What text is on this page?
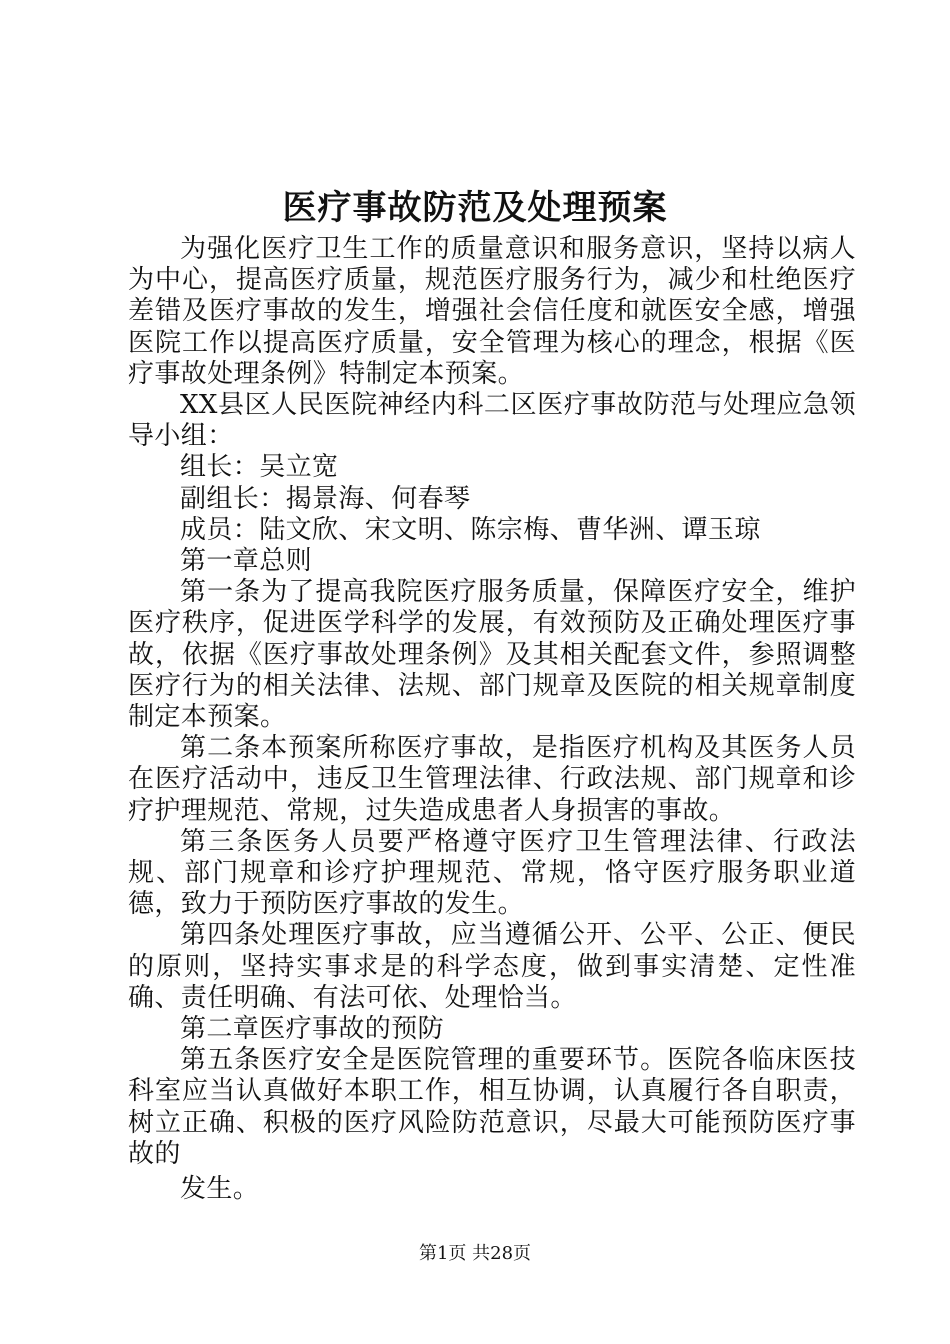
医疗事故防范及处理预案

为强化医疗卫生工作的质量意识和服务意识，坚持以病人为中心，提高医疗质量，规范医疗服务行为，减少和杜绝医疗差错及医疗事故的发生，增强社会信任度和就医安全感，增强医院工作以提高医疗质量，安全管理为核心的理念，根据《医疗事故处理条例》特制定本预案。

XX县区人民医院神经内科二区医疗事故防范与处理应急领导小组：

组长：吴立宽

副组长：揭景海、何春琴

成员：陆文欣、宋文明、陈宗梅、曹华洲、谭玉琼

第一章总则

第一条为了提高我院医疗服务质量，保障医疗安全，维护医疗秩序，促进医学科学的发展，有效预防及正确处理医疗事故，依据《医疗事故处理条例》及其相关配套文件，参照调整医疗行为的相关法律、法规、部门规章及医院的相关规章制度制定本预案。

第二条本预案所称医疗事故，是指医疗机构及其医务人员在医疗活动中，违反卫生管理法律、行政法规、部门规章和诊疗护理规范、常规，过失造成患者人身损害的事故。

第三条医务人员要严格遵守医疗卫生管理法律、行政法规、部门规章和诊疗护理规范、常规，恪守医疗服务职业道德，致力于预防医疗事故的发生。

第四条处理医疗事故，应当遵循公开、公平、公正、便民的原则，坚持实事求是的科学态度，做到事实清楚、定性准确、责任明确、有法可依、处理恰当。

第二章医疗事故的预防

第五条医疗安全是医院管理的重要环节。医院各临床医技科室应当认真做好本职工作，相互协调，认真履行各自职责，树立正确、积极的医疗风险防范意识，尽最大可能预防医疗事故的

发生。

第1页 共28页
